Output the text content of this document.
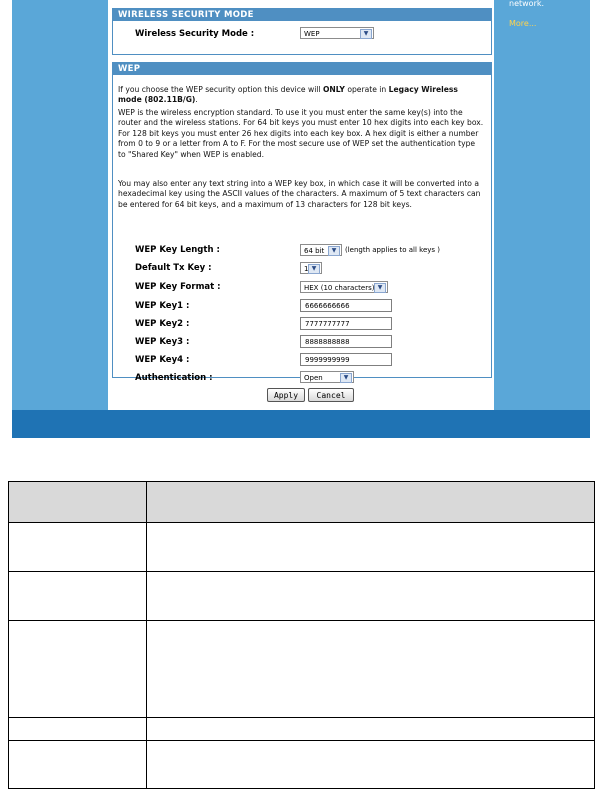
network.
More...
WIRELESS SECURITY MODE
Wireless Security Mode :	WEP	▼
WEP
If you choose the WEP security option this device will ONLY operate in Legacy Wireless mode (802.11B/G).
WEP is the wireless encryption standard. To use it you must enter the same key(s) into the router and the wireless stations. For 64 bit keys you must enter 10 hex digits into each key box. For 128 bit keys you must enter 26 hex digits into each key box. A hex digit is either a number from 0 to 9 or a letter from A to F. For the most secure use of WEP set the authentication type to "Shared Key" when WEP is enabled.
You may also enter any text string into a WEP key box, in which case it will be converted into a hexadecimal key using the ASCII values of the characters. A maximum of 5 text characters can be entered for 64 bit keys, and a maximum of 13 characters for 128 bit keys.
WEP Key Length :	64 bit	▼	(length applies to all keys )
Default Tx Key :	1 ▼
WEP Key Format :	HEX (10 characters) ▼
WEP Key1 :	6666666666
WEP Key2 :	7777777777
WEP Key3 :	8888888888
WEP Key4 :	9999999999
Authentication :	Open	▼
Apply	Cancel
